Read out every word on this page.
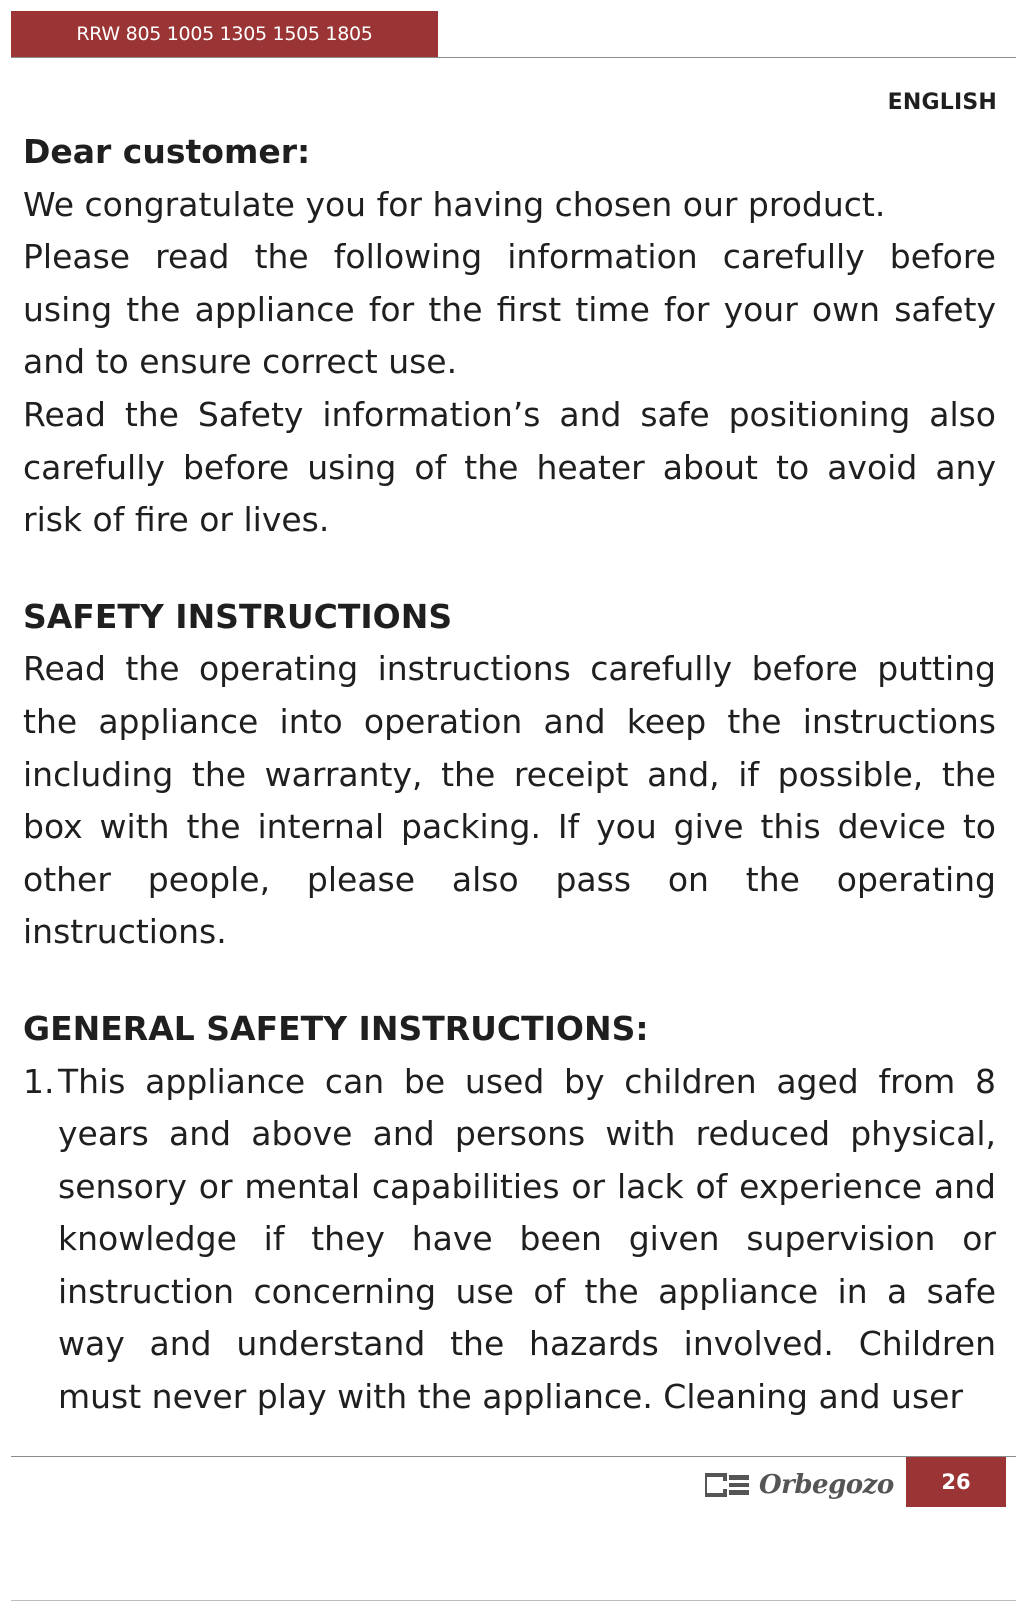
RRW 805 1005 1305 1505 1805
ENGLISH

Dear customer:

We congratulate you for having chosen our product.

Please read the following information carefully before using the appliance for the first time for your own safety and to ensure correct use.

Read the Safety information’s and safe positioning also carefully before using of the heater about to avoid any risk of fire or lives.

SAFETY INSTRUCTIONS

Read the operating instructions carefully before putting the appliance into operation and keep the instructions including the warranty, the receipt and, if possible, the box with the internal packing. If you give this device to other people, please also pass on the operating instructions.

GENERAL SAFETY INSTRUCTIONS:

1. This appliance can be used by children aged from 8 years and above and persons with reduced physical, sensory or mental capabilities or lack of experience and knowledge if they have been given supervision or instruction concerning use of the appliance in a safe way and understand the hazards involved. Children must never play with the appliance. Cleaning and user
Orbegozo	26
